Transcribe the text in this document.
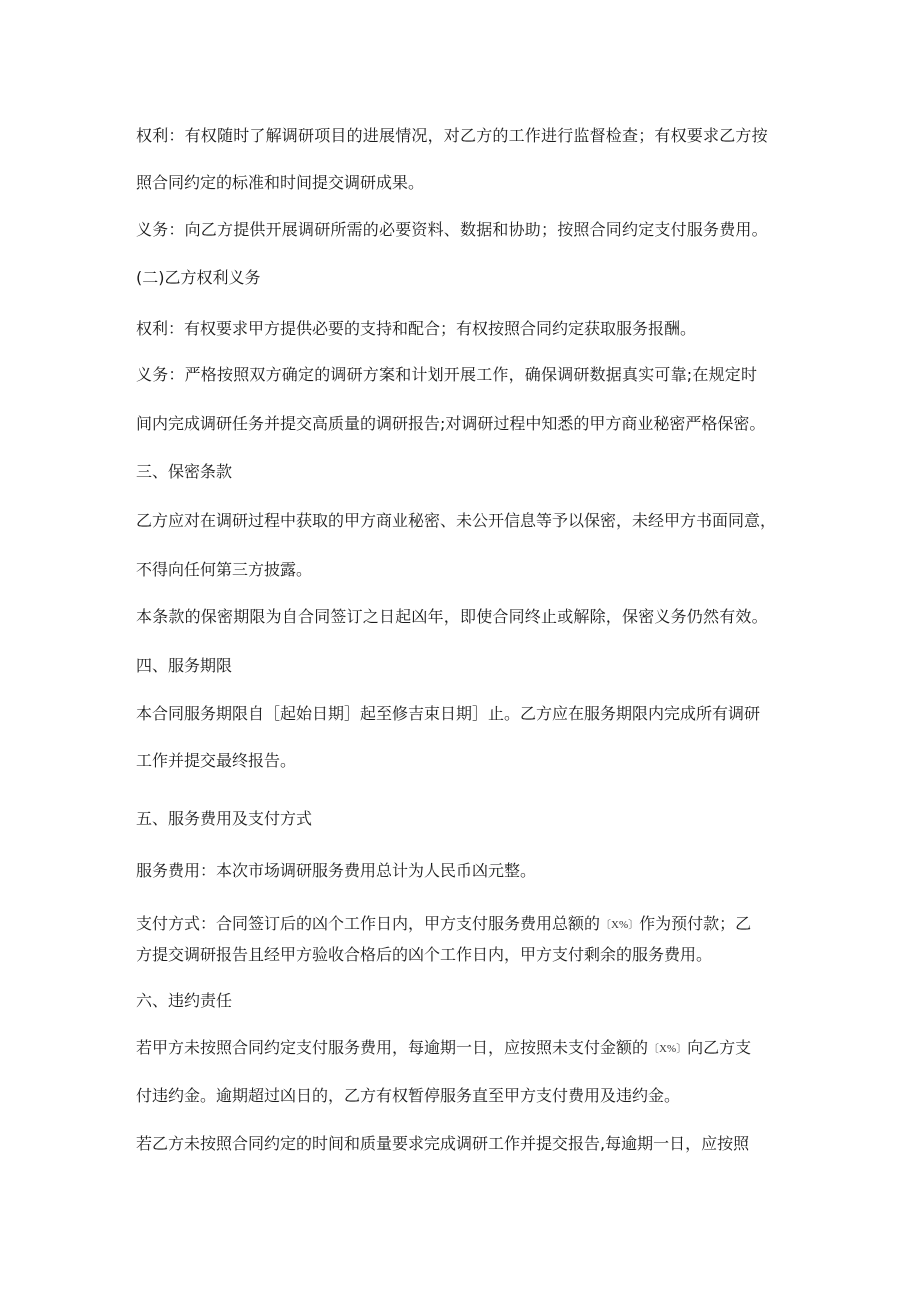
权利：有权随时了解调研项目的进展情况，对乙方的工作进行监督检查；有权要求乙方按
照合同约定的标准和时间提交调研成果。
义务：向乙方提供开展调研所需的必要资料、数据和协助；按照合同约定支付服务费用。
(二)乙方权利义务
权利：有权要求甲方提供必要的支持和配合；有权按照合同约定获取服务报酬。
义务：严格按照双方确定的调研方案和计划开展工作，确保调研数据真实可靠;在规定时
间内完成调研任务并提交高质量的调研报告;对调研过程中知悉的甲方商业秘密严格保密。
三、保密条款
乙方应对在调研过程中获取的甲方商业秘密、未公开信息等予以保密，未经甲方书面同意，
不得向任何第三方披露。
本条款的保密期限为自合同签订之日起凶年，即使合同终止或解除，保密义务仍然有效。
四、服务期限
本合同服务期限自［起始日期］起至修吉束日期］止。乙方应在服务期限内完成所有调研
工作并提交最终报告。
五、服务费用及支付方式
服务费用：本次市场调研服务费用总计为人民币凶元整。
支付方式：合同签订后的凶个工作日内，甲方支付服务费用总额的〔X%〕作为预付款；乙
方提交调研报告且经甲方验收合格后的凶个工作日内，甲方支付剩余的服务费用。
六、违约责任
若甲方未按照合同约定支付服务费用，每逾期一日，应按照未支付金额的〔X%〕向乙方支
付违约金。逾期超过凶日的，乙方有权暂停服务直至甲方支付费用及违约金。
若乙方未按照合同约定的时间和质量要求完成调研工作并提交报告,每逾期一日，应按照
